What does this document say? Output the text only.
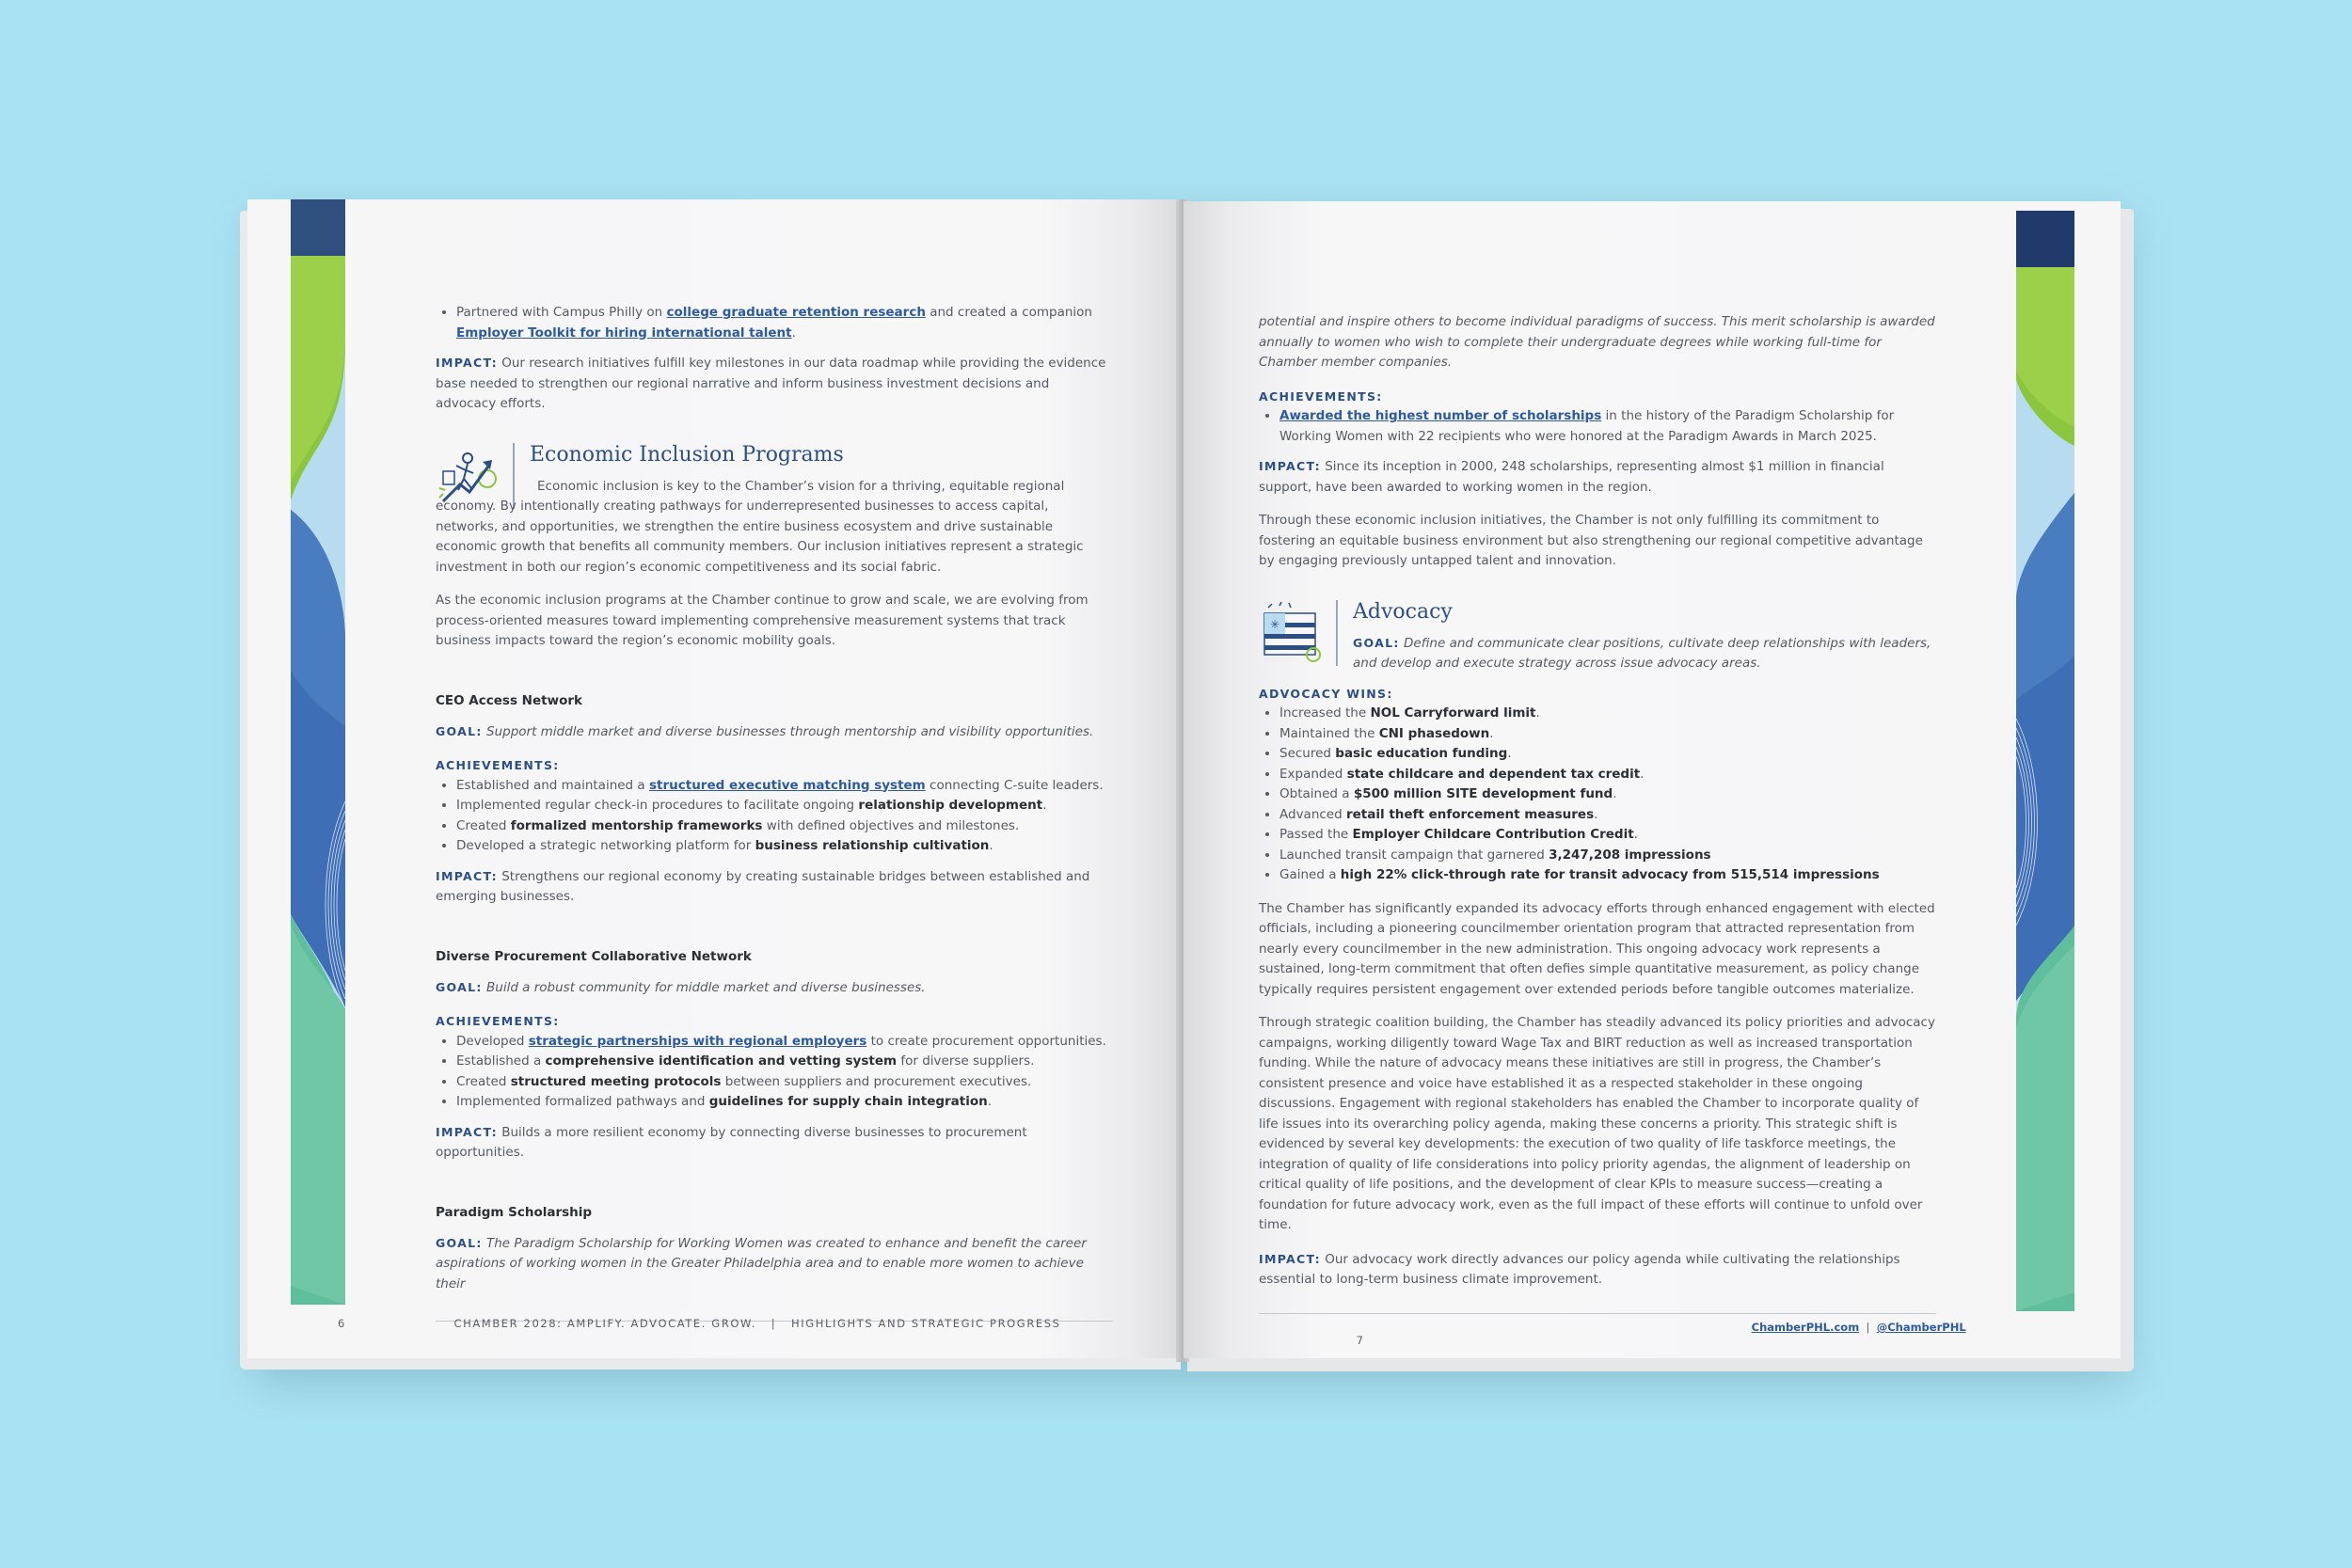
• Partnered with Campus Philly on college graduate retention research and created a companion
Employer Toolkit for hiring international talent.

IMPACT: Our research initiatives fulfill key milestones in our data roadmap while providing the evidence base needed to strengthen our regional narrative and inform business investment decisions and advocacy efforts.

Economic Inclusion Programs

Economic inclusion is key to the Chamber’s vision for a thriving, equitable regional economy. By intentionally creating pathways for underrepresented businesses to access capital, networks, and opportunities, we strengthen the entire business ecosystem and drive sustainable economic growth that benefits all community members. Our inclusion initiatives represent a strategic investment in both our region’s economic competitiveness and its social fabric.

As the economic inclusion programs at the Chamber continue to grow and scale, we are evolving from process-oriented measures toward implementing comprehensive measurement systems that track business impacts toward the region’s economic mobility goals.

CEO Access Network

GOAL: Support middle market and diverse businesses through mentorship and visibility opportunities.

ACHIEVEMENTS:

• Established and maintained a structured executive matching system connecting C-suite leaders.
• Implemented regular check-in procedures to facilitate ongoing relationship development.
• Created formalized mentorship frameworks with defined objectives and milestones.
• Developed a strategic networking platform for business relationship cultivation.

IMPACT: Strengthens our regional economy by creating sustainable bridges between established and emerging businesses.

Diverse Procurement Collaborative Network

GOAL: Build a robust community for middle market and diverse businesses.

ACHIEVEMENTS:

• Developed strategic partnerships with regional employers to create procurement opportunities.
• Established a comprehensive identification and vetting system for diverse suppliers.
• Created structured meeting protocols between suppliers and procurement executives.
• Implemented formalized pathways and guidelines for supply chain integration.

IMPACT: Builds a more resilient economy by connecting diverse businesses to procurement opportunities.

Paradigm Scholarship

GOAL: The Paradigm Scholarship for Working Women was created to enhance and benefit the career aspirations of working women in the Greater Philadelphia area and to enable more women to achieve their

6	CHAMBER 2028: AMPLIFY. ADVOCATE. GROW. | HIGHLIGHTS AND STRATEGIC PROGRESS

potential and inspire others to become individual paradigms of success. This merit scholarship is awarded annually to women who wish to complete their undergraduate degrees while working full-time for Chamber member companies.

ACHIEVEMENTS:

• Awarded the highest number of scholarships in the history of the Paradigm Scholarship for Working Women with 22 recipients who were honored at the Paradigm Awards in March 2025.

IMPACT: Since its inception in 2000, 248 scholarships, representing almost $1 million in financial support, have been awarded to working women in the region.

Through these economic inclusion initiatives, the Chamber is not only fulfilling its commitment to fostering an equitable business environment but also strengthening our regional competitive advantage by engaging previously untapped talent and innovation.

✳
Advocacy

GOAL: Define and communicate clear positions, cultivate deep relationships with leaders, and develop and execute strategy across issue advocacy areas.

ADVOCACY WINS:

• Increased the NOL Carryforward limit.
• Maintained the CNI phasedown.
• Secured basic education funding.
• Expanded state childcare and dependent tax credit.
• Obtained a $500 million SITE development fund.
• Advanced retail theft enforcement measures.
• Passed the Employer Childcare Contribution Credit.
• Launched transit campaign that garnered 3,247,208 impressions
• Gained a high 22% click-through rate for transit advocacy from 515,514 impressions

The Chamber has significantly expanded its advocacy efforts through enhanced engagement with elected officials, including a pioneering councilmember orientation program that attracted representation from nearly every councilmember in the new administration. This ongoing advocacy work represents a sustained, long-term commitment that often defies simple quantitative measurement, as policy change typically requires persistent engagement over extended periods before tangible outcomes materialize.

Through strategic coalition building, the Chamber has steadily advanced its policy priorities and advocacy campaigns, working diligently toward Wage Tax and BIRT reduction as well as increased transportation funding. While the nature of advocacy means these initiatives are still in progress, the Chamber’s consistent presence and voice have established it as a respected stakeholder in these ongoing discussions. Engagement with regional stakeholders has enabled the Chamber to incorporate quality of life issues into its overarching policy agenda, making these concerns a priority. This strategic shift is evidenced by several key developments: the execution of two quality of life taskforce meetings, the integration of quality of life considerations into policy priority agendas, the alignment of leadership on critical quality of life positions, and the development of clear KPIs to measure success—creating a foundation for future advocacy work, even as the full impact of these efforts will continue to unfold over time.

IMPACT: Our advocacy work directly advances our policy agenda while cultivating the relationships essential to long-term business climate improvement.

ChamberPHL.com | @ChamberPHL  7
